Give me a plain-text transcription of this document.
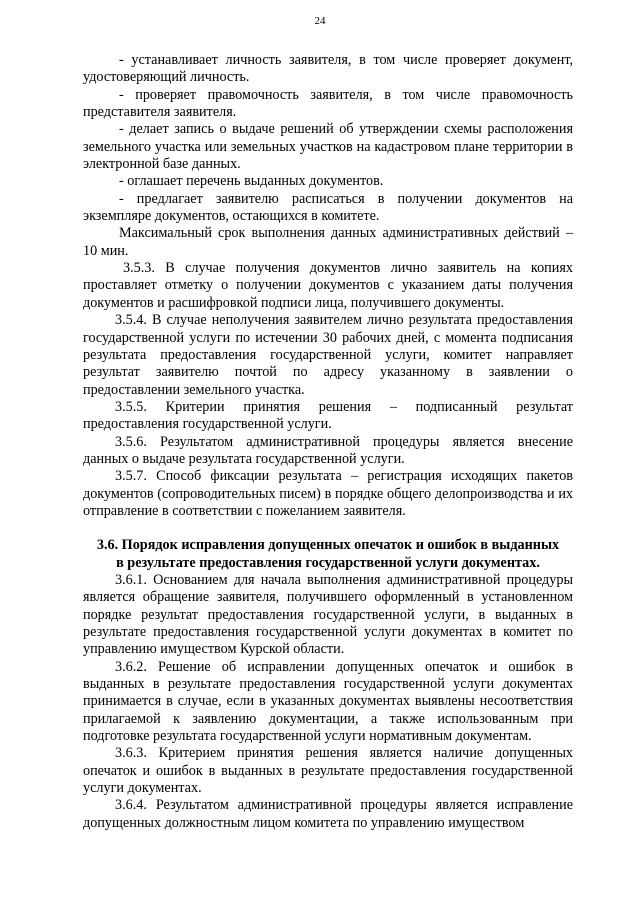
24

- устанавливает личность заявителя, в том числе проверяет документ, удостоверяющий личность.

- проверяет правомочность заявителя, в том числе правомочность представителя заявителя.

- делает запись о выдаче решений об утверждении схемы расположения земельного участка или земельных участков на кадастровом плане территории в электронной базе данных.

- оглашает перечень выданных документов.

- предлагает заявителю расписаться в получении документов на экземпляре документов, остающихся в комитете.

Максимальный срок выполнения данных административных действий – 10 мин.

3.5.3. В случае получения документов лично заявитель на копиях проставляет отметку о получении документов с указанием даты получения документов и расшифровкой подписи лица, получившего документы.

3.5.4. В случае неполучения заявителем лично результата предоставления государственной услуги по истечении 30 рабочих дней, с момента подписания результата предоставления государственной услуги, комитет направляет результат заявителю почтой по адресу указанному в заявлении о предоставлении земельного участка.

3.5.5. Критерии принятия решения – подписанный результат предоставления государственной услуги.

3.5.6. Результатом административной процедуры является внесение данных о выдаче результата государственной услуги.

3.5.7. Способ фиксации результата – регистрация исходящих пакетов документов (сопроводительных писем) в порядке общего делопроизводства и их отправление в соответствии с пожеланием заявителя.

3.6. Порядок исправления допущенных опечаток и ошибок в выданных в результате предоставления государственной услуги документах.

3.6.1. Основанием для начала выполнения административной процедуры является обращение заявителя, получившего оформленный в установленном порядке результат предоставления государственной услуги, в выданных в результате предоставления государственной услуги документах в комитет по управлению имуществом Курской области.

3.6.2. Решение об исправлении допущенных опечаток и ошибок в выданных в результате предоставления государственной услуги документах принимается в случае, если в указанных документах выявлены несоответствия прилагаемой к заявлению документации, а также использованным при подготовке результата государственной услуги нормативным документам.

3.6.3. Критерием принятия решения является наличие допущенных опечаток и ошибок в выданных в результате предоставления государственной услуги документах.

3.6.4. Результатом административной процедуры является исправление допущенных должностным лицом комитета по управлению имуществом
